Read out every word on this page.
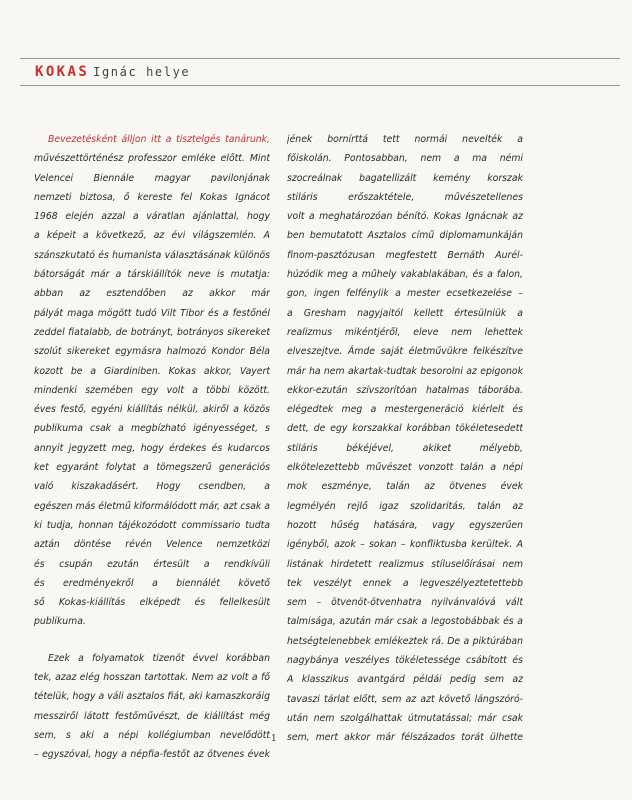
KOKAS Ignác helye
Bevezetésként álljon itt a tisztelgés tanárunk,
művészettörténész professzor emléke előtt. Mint
Velencei Biennále magyar pavilonjának
nemzeti biztosa, ő kereste fel Kokas Ignácot
1968 elején azzal a váratlan ajánlattal, hogy
a képeit a következő, az évi világszemlén. A
szánszkutató és humanista választásának különös
bátorságát már a társkiállítók neve is mutatja:
abban az esztendőben az akkor már
pályát maga mögött tudó Vilt Tibor és a festőnél
zeddel fiatalabb, de botrányt, botrányos sikereket
szolút sikereket egymásra halmozó Kondor Béla
kozott be a Giardiniben. Kokas akkor, Vayert
mindenki szemében egy volt a többi között.
éves festő, egyéni kiállítás nélkül, akiről a közös
publikuma csak a megbízható igényességet, s
annyit jegyzett meg, hogy érdekes és kudarcos
ket egyaránt folytat a tömegszerű generációs
való kiszakadásért. Hogy csendben, a
egészen más életmű kiformálódott már, azt csak a
ki tudja, honnan tájékozódott commissario tudta
aztán döntése révén Velence nemzetközi
és csupán ezután értesült a rendkívüli
és eredményekről a biennálét követő
ső Kokas-kiállítás elképedt és fellelkesült
publikuma.
Ezek a folyamatok tizenöt évvel korábban
tek, azaz elég hosszan tartottak. Nem az volt a fő
tételük, hogy a váli asztalos fiát, aki kamaszkoráig
messziről látott festőművészt, de kiállítást még
sem, s aki a népi kollégiumban nevelődött
– egyszóval, hogy a népfia-festőt az ötvenes évek
jének bornírttá tett normái nevelték a
főiskolán. Pontosabban, nem a ma némi
szocreálnak bagatellizált kemény korszak
stiláris erőszaktétele, művészetellenes
volt a meghatározóan bénító. Kokas Ignácnak az
ben bemutatott Asztalos című diplomamunkáján
finom-pasztózusan megfestett Bernáth Aurél-
húzódik meg a műhely vakablakában, és a falon,
gon, ingen felfénylik a mester ecsetkezelése –
a Gresham nagyjaitól kellett értesülniük a
realizmus mikéntjéről, eleve nem lehettek
elveszejtve. Ámde saját életművükre felkészítve
már ha nem akartak-tudtak besorolni az epigonok
ekkor-ezután szívszorítóan hatalmas táborába.
elégedtek meg a mestergeneráció kiérlelt és
dett, de egy korszakkal korábban tökéletesedett
stiláris békéjével, akiket mélyebb,
elkötelezettebb művészet vonzott talán a népi
mok eszménye, talán az ötvenes évek
legmélyén rejlő igaz szolidaritás, talán az
hozott hűség hatására, vagy egyszerűen
igényből, azok – sokan – konfliktusba kerültek. A
listának hirdetett realizmus stíluselőírásai nem
tek veszélyt ennek a legveszélyeztetettebb
sem – ötvenöt-ötvenhatra nyilvánvalóvá vált
talmisága, azután már csak a legostobábbak és a
hetségtelenebbek emlékeztek rá. De a piktúrában
nagybánya veszélyes tökéletessége csábított és
A klasszikus avantgárd példái pedig sem az
tavaszi tárlat előtt, sem az azt követő lángszóró-
után nem szolgálhattak útmutatással; már csak
sem, mert akkor már félszázados torát ülhette
1
